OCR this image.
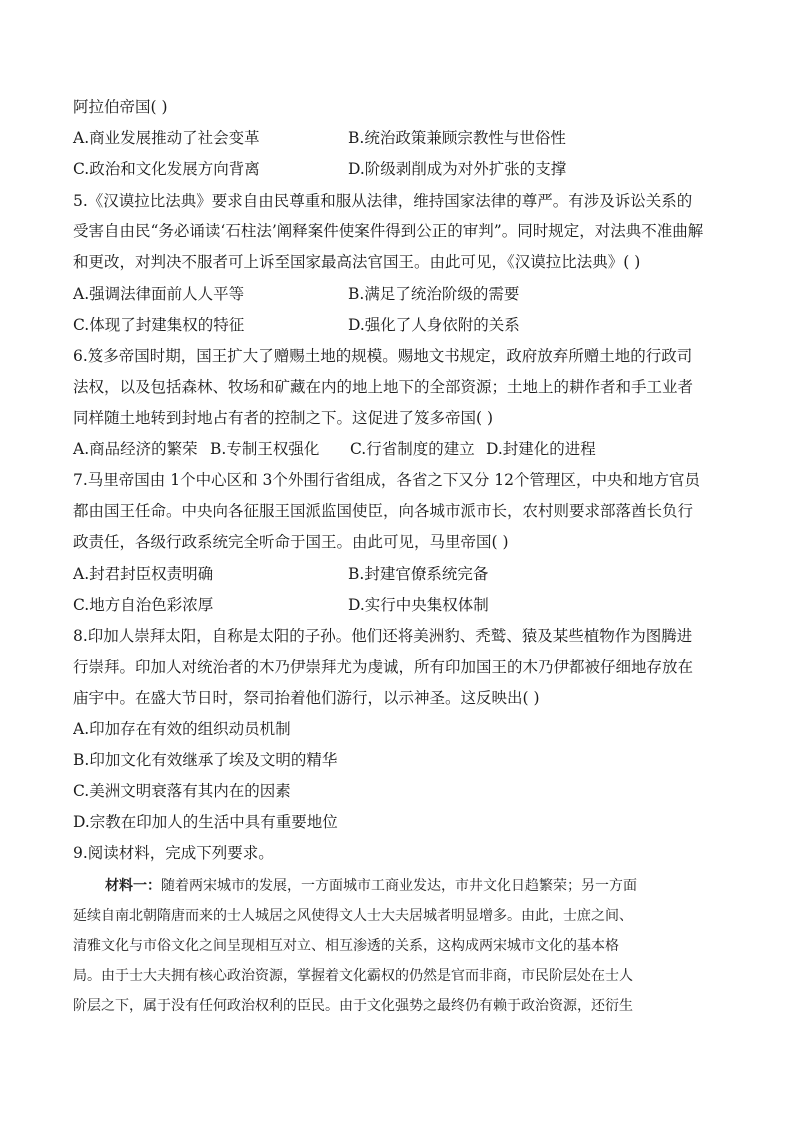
阿拉伯帝国( )
A.商业发展推动了社会变革	B.统治政策兼顾宗教性与世俗性
C.政治和文化发展方向背离	D.阶级剥削成为对外扩张的支撑
5.《汉谟拉比法典》要求自由民尊重和服从法律，维持国家法律的尊严。有涉及诉讼关系的
受害自由民“务必诵读‘石柱法’阐释案件使案件得到公正的审判”。同时规定，对法典不准曲解
和更改，对判决不服者可上诉至国家最高法官国王。由此可见，《汉谟拉比法典》( )
A.强调法律面前人人平等	B.满足了统治阶级的需要
C.体现了封建集权的特征	D.强化了人身依附的关系
6.笈多帝国时期，国王扩大了赠赐土地的规模。赐地文书规定，政府放弃所赠土地的行政司
法权，以及包括森林、牧场和矿藏在内的地上地下的全部资源；土地上的耕作者和手工业者
同样随土地转到封地占有者的控制之下。这促进了笈多帝国( )
A.商品经济的繁荣 B.专制王权强化 C.行省制度的建立 D.封建化的进程
7.马里帝国由 1个中心区和 3个外围行省组成，各省之下又分 12个管理区，中央和地方官员
都由国王任命。中央向各征服王国派监国使臣，向各城市派市长，农村则要求部落酋长负行
政责任，各级行政系统完全听命于国王。由此可见，马里帝国( )
A.封君封臣权责明确	B.封建官僚系统完备
C.地方自治色彩浓厚	D.实行中央集权体制
8.印加人崇拜太阳，自称是太阳的子孙。他们还将美洲豹、秃鹫、猿及某些植物作为图腾进
行崇拜。印加人对统治者的木乃伊崇拜尤为虔诚，所有印加国王的木乃伊都被仔细地存放在
庙宇中。在盛大节日时，祭司抬着他们游行，以示神圣。这反映出( )
A.印加存在有效的组织动员机制
B.印加文化有效继承了埃及文明的精华
C.美洲文明衰落有其内在的因素
D.宗教在印加人的生活中具有重要地位
9.阅读材料，完成下列要求。
材料一：随着两宋城市的发展，一方面城市工商业发达，市井文化日趋繁荣；另一方面
延续自南北朝隋唐而来的士人城居之风使得文人士大夫居城者明显增多。由此，士庶之间、
清雅文化与市俗文化之间呈现相互对立、相互渗透的关系，这构成两宋城市文化的基本格
局。由于士大夫拥有核心政治资源，掌握着文化霸权的仍然是官而非商，市民阶层处在士人
阶层之下，属于没有任何政治权利的臣民。由于文化强势之最终仍有赖于政治资源，还衍生
